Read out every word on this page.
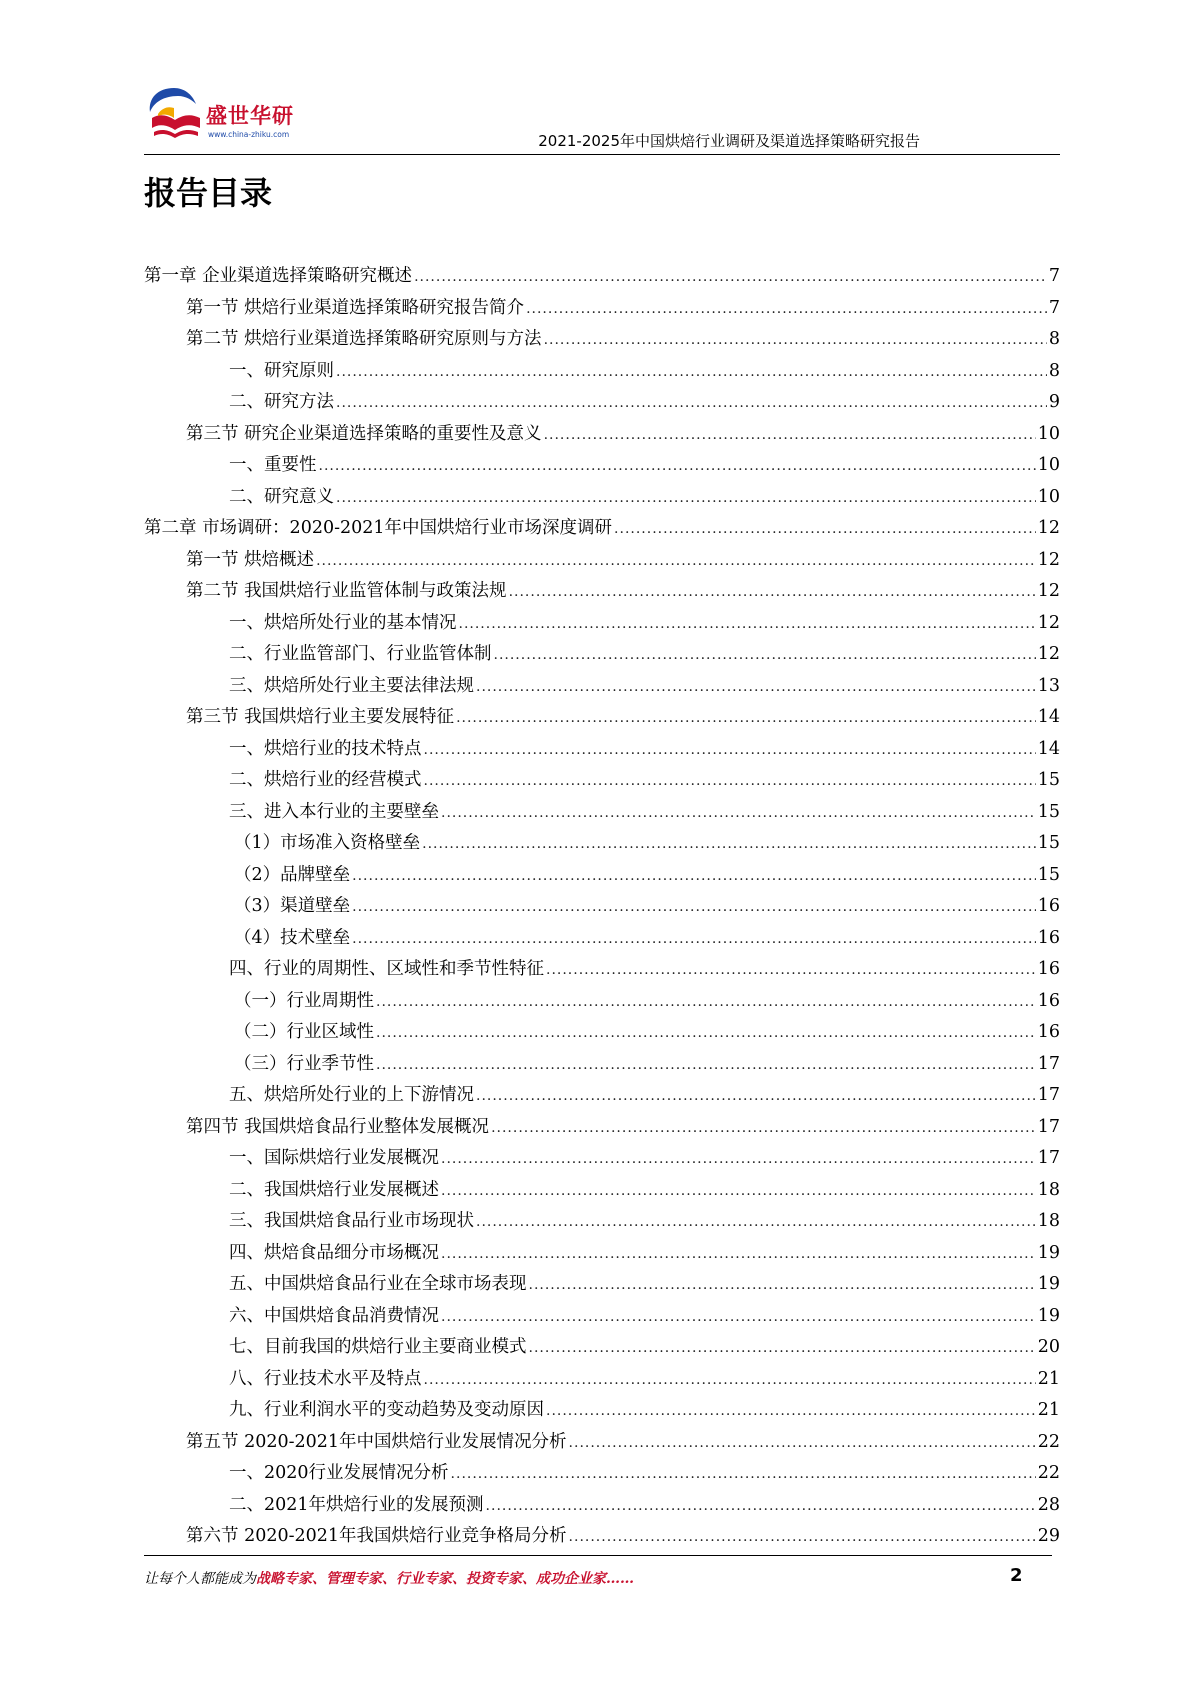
盛世华研
www.china-zhiku.com	2021-2025年中国烘焙行业调研及渠道选择策略研究报告
报告目录
第一章 企业渠道选择策略研究概述 .....	7
第一节 烘焙行业渠道选择策略研究报告简介 .....	7
第二节 烘焙行业渠道选择策略研究原则与方法 .....	8
一、研究原则 .....	8
二、研究方法 .....	9
第三节 研究企业渠道选择策略的重要性及意义 .....	10
一、重要性 .....	10
二、研究意义 .....	10
第二章 市场调研：2020-2021年中国烘焙行业市场深度调研 .....	12
第一节 烘焙概述 .....	12
第二节 我国烘焙行业监管体制与政策法规 .....	12
一、烘焙所处行业的基本情况 .....	12
二、行业监管部门、行业监管体制 .....	12
三、烘焙所处行业主要法律法规 .....	13
第三节 我国烘焙行业主要发展特征 .....	14
一、烘焙行业的技术特点 .....	14
二、烘焙行业的经营模式 .....	15
三、进入本行业的主要壁垒 .....	15
（1）市场准入资格壁垒 .....	15
（2）品牌壁垒 .....	15
（3）渠道壁垒 .....	16
（4）技术壁垒 .....	16
四、行业的周期性、区域性和季节性特征 .....	16
（一）行业周期性 .....	16
（二）行业区域性 .....	16
（三）行业季节性 .....	17
五、烘焙所处行业的上下游情况 .....	17
第四节 我国烘焙食品行业整体发展概况 .....	17
一、国际烘焙行业发展概况 .....	17
二、我国烘焙行业发展概述 .....	18
三、我国烘焙食品行业市场现状 .....	18
四、烘焙食品细分市场概况 .....	19
五、中国烘焙食品行业在全球市场表现 .....	19
六、中国烘焙食品消费情况 .....	19
七、目前我国的烘焙行业主要商业模式 .....	20
八、行业技术水平及特点 .....	21
九、行业利润水平的变动趋势及变动原因 .....	21
第五节 2020-2021年中国烘焙行业发展情况分析 .....	22
一、2020行业发展情况分析 .....	22
二、2021年烘焙行业的发展预测 .....	28
第六节 2020-2021年我国烘焙行业竞争格局分析 .....	29
让每个人都能成为战略专家、管理专家、行业专家、投资专家、成功企业家……	2
